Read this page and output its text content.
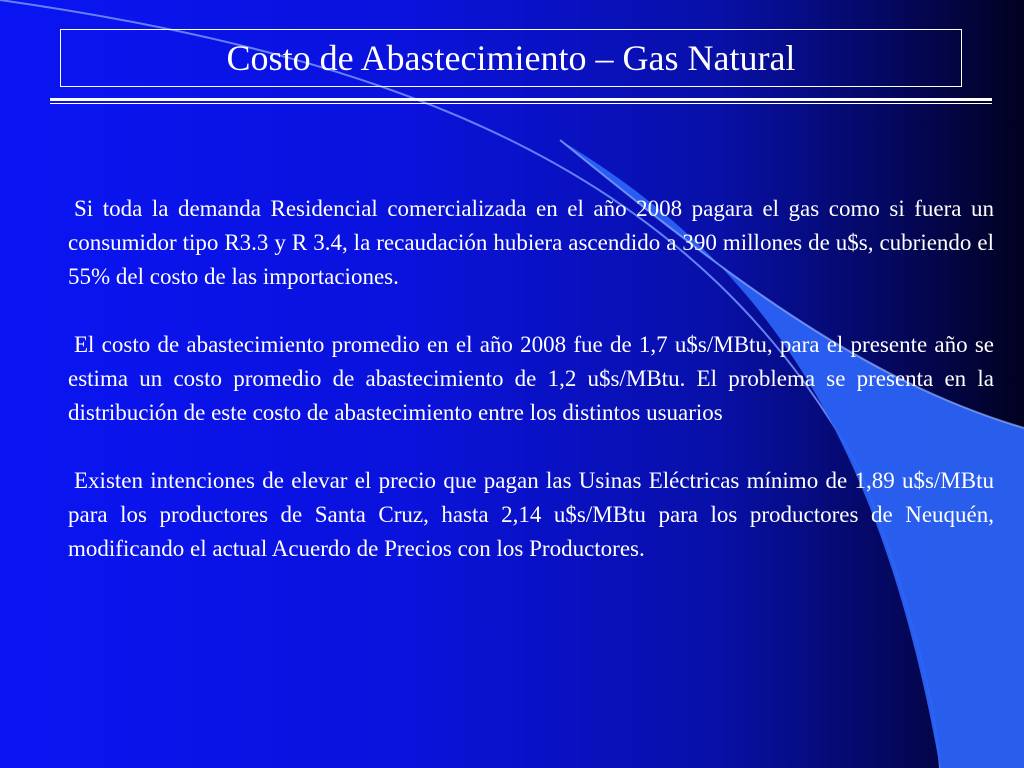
Costo de Abastecimiento – Gas Natural

Si toda la demanda Residencial comercializada en el año 2008 pagara el gas como si fuera un consumidor tipo R3.3 y R 3.4, la recaudación hubiera ascendido a 390 millones de u$s, cubriendo el 55% del costo de las importaciones.

El costo de abastecimiento promedio en el año 2008 fue de 1,7 u$s/MBtu, para el presente año se estima un costo promedio de abastecimiento de 1,2 u$s/MBtu. El problema se presenta en la distribución de este costo de abastecimiento entre los distintos usuarios

Existen intenciones de elevar el precio que pagan las Usinas Eléctricas mínimo de 1,89 u$s/MBtu para los productores de Santa Cruz, hasta 2,14 u$s/MBtu para los productores de Neuquén, modificando el actual Acuerdo de Precios con los Productores.
